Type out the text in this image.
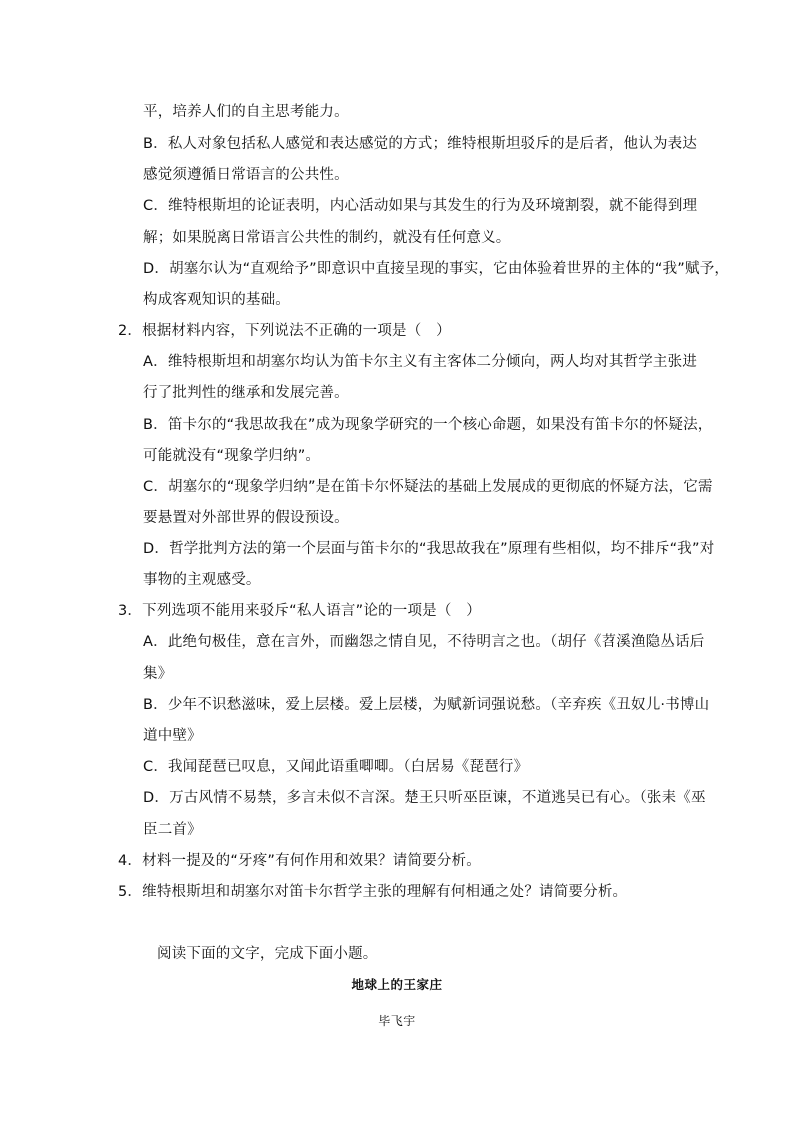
平，培养人们的自主思考能力。
B．私人对象包括私人感觉和表达感觉的方式；维特根斯坦驳斥的是后者，他认为表达
感觉须遵循日常语言的公共性。
C．维特根斯坦的论证表明，内心活动如果与其发生的行为及环境割裂，就不能得到理
解；如果脱离日常语言公共性的制约，就没有任何意义。
D．胡塞尔认为“直观给予”即意识中直接呈现的事实，它由体验着世界的主体的“我”赋予，
构成客观知识的基础。
2．根据材料内容，下列说法不正确的一项是（　）
A．维特根斯坦和胡塞尔均认为笛卡尔主义有主客体二分倾向，两人均对其哲学主张进
行了批判性的继承和发展完善。
B．笛卡尔的“我思故我在”成为现象学研究的一个核心命题，如果没有笛卡尔的怀疑法，
可能就没有“现象学归纳”。
C．胡塞尔的“现象学归纳”是在笛卡尔怀疑法的基础上发展成的更彻底的怀疑方法，它需
要悬置对外部世界的假设预设。
D．哲学批判方法的第一个层面与笛卡尔的“我思故我在”原理有些相似，均不排斥“我”对
事物的主观感受。
3．下列选项不能用来驳斥“私人语言”论的一项是（　）
A．此绝句极佳，意在言外，而幽怨之情自见，不待明言之也。（胡仔《苕溪渔隐丛话后
集》
B．少年不识愁滋味，爱上层楼。爱上层楼，为赋新词强说愁。（辛弃疾《丑奴儿·书博山
道中壁》
C．我闻琵琶已叹息，又闻此语重唧唧。（白居易《琵琶行》
D．万古风情不易禁，多言未似不言深。楚王只听巫臣谏，不道逃吴已有心。（张耒《巫
臣二首》
4．材料一提及的“牙疼”有何作用和效果？请简要分析。
5．维特根斯坦和胡塞尔对笛卡尔哲学主张的理解有何相通之处？请简要分析。
阅读下面的文字，完成下面小题。
地球上的王家庄
毕飞宇
